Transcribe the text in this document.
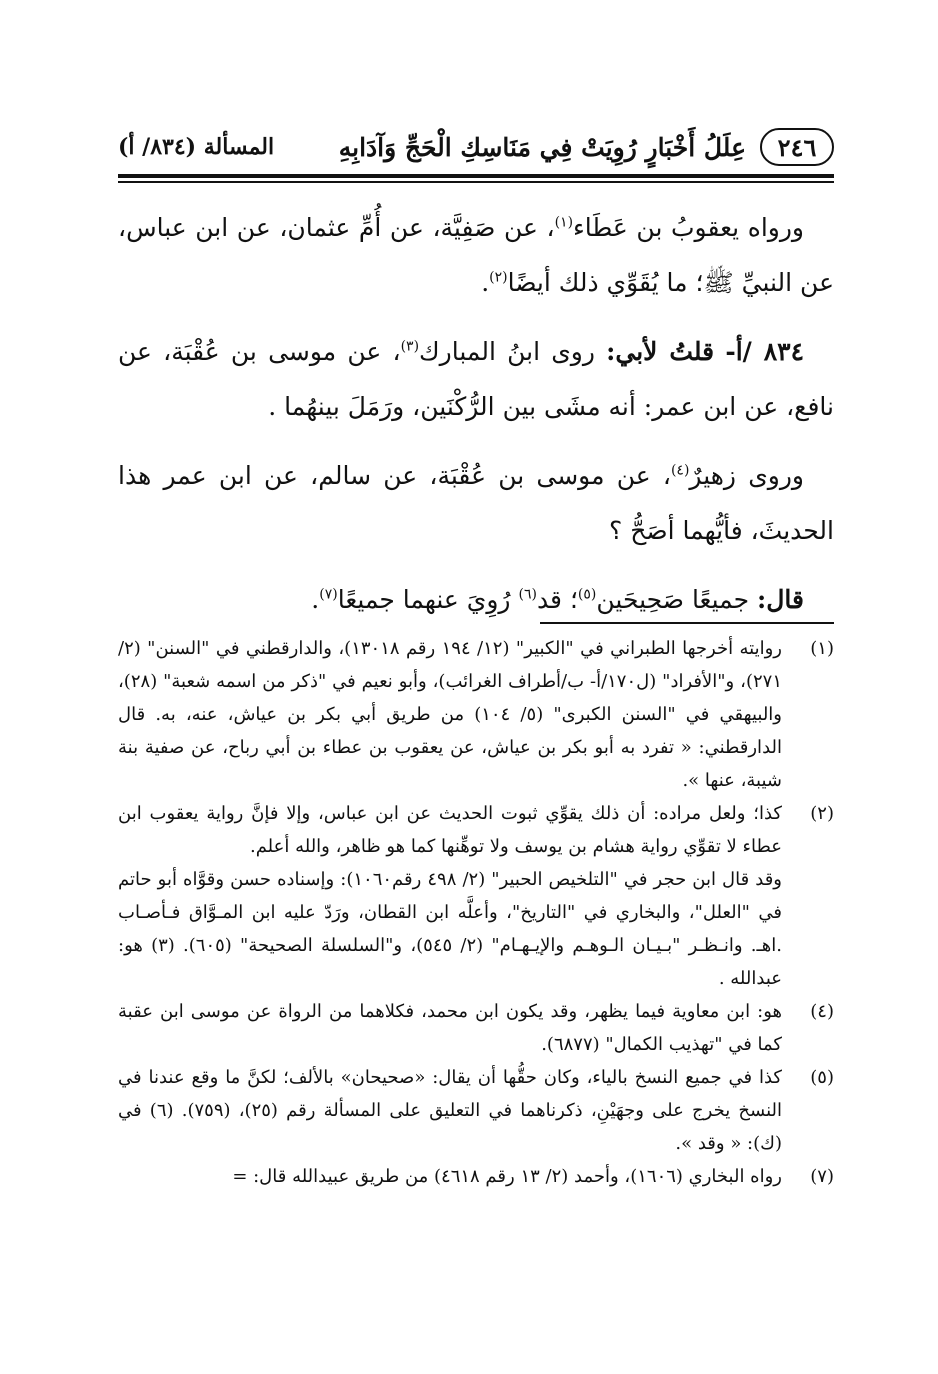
٢٤٦
عِلَلُ أَخْبَارٍ رُوِيَتْ فِي مَنَاسِكِ الْحَجِّ وَآدَابِهِ
المسألة (٨٣٤/ أ)

ورواه يعقوبُ بن عَطَاء$^{(١)}$، عن صَفِيَّة، عن أُمِّ عثمان، عن ابن عباس، عن النبيِّ ﷺ؛ ما يُقَوِّي ذلك أيضًا$^{(٢)}$.

٨٣٤ /أ- قلتُ لأبي: روى ابنُ المبارك$^{(٣)}$، عن موسى بن عُقْبَة، عن نافع، عن ابن عمر: أنه مشَى بين الرُّكْنَين، ورَمَلَ بينهُما .

وروى زهيرٌ$^{(٤)}$، عن موسى بن عُقْبَة، عن سالم، عن ابن عمر هذا الحديثَ، فأيُّهما أصَحُّ ؟

قال: جميعًا صَحِيحَين$^{(٥)}$؛ قد$^{(٦)}$ رُوِيَ عنهما جميعًا$^{(٧)}$.

(١)

روايته أخرجها الطبراني في "الكبير" (١٢/ ١٩٤ رقم ١٣٠١٨)، والدارقطني في "السنن" (٢/ ٢٧١)، و"الأفراد" (ل١٧٠/أ- ب/أطراف الغرائب)، وأبو نعيم في "ذكر من اسمه شعبة" (٢٨)، والبيهقي في "السنن الكبرى" (٥/ ١٠٤) من طريق أبي بكر بن عياش، عنه، به. قال الدارقطني: « تفرد به أبو بكر بن عياش، عن يعقوب بن عطاء بن أبي رباح، عن صفية بنة شيبة، عنها ».

(٢)

كذا؛ ولعل مراده: أن ذلك يقوِّي ثبوت الحديث عن ابن عباس، وإلا فإنَّ رواية يعقوب ابن عطاء لا تقوِّي رواية هشام بن يوسف ولا توهِّنها كما هو ظاهر، والله أعلم.

وقد قال ابن حجر في "التلخيص الحبير" (٢/ ٤٩٨ رقم١٠٦٠): وإسناده حسن وقوَّاه أبو حاتم في "العلل"، والبخاري في "التاريخ"، وأعلَّه ابن القطان، ورَدّ عليه ابن المـوَّاق فـأصـاب .اهـ. وانـظـر "بـيـان الـوهـم والإيـهـام" (٢/ ٥٤٥)، و"السلسلة الصحيحة" (٦٠٥). (٣) هو: عبدالله .

(٤)

هو: ابن معاوية فيما يظهر، وقد يكون ابن محمد، فكلاهما من الرواة عن موسى ابن عقبة كما في "تهذيب الكمال" (٦٨٧٧).

(٥)

كذا في جميع النسخ بالياء، وكان حقُّها أن يقال: «صحيحان» بالألف؛ لكنَّ ما وقع عندنا في النسخ يخرج على وجهَيْنِ، ذكرناهما في التعليق على المسألة رقم (٢٥)، (٧٥٩). (٦) في (ك): « وقد ».

(٧)

رواه البخاري (١٦٠٦)، وأحمد (٢/ ١٣ رقم ٤٦١٨) من طريق عبيدالله قال: =
